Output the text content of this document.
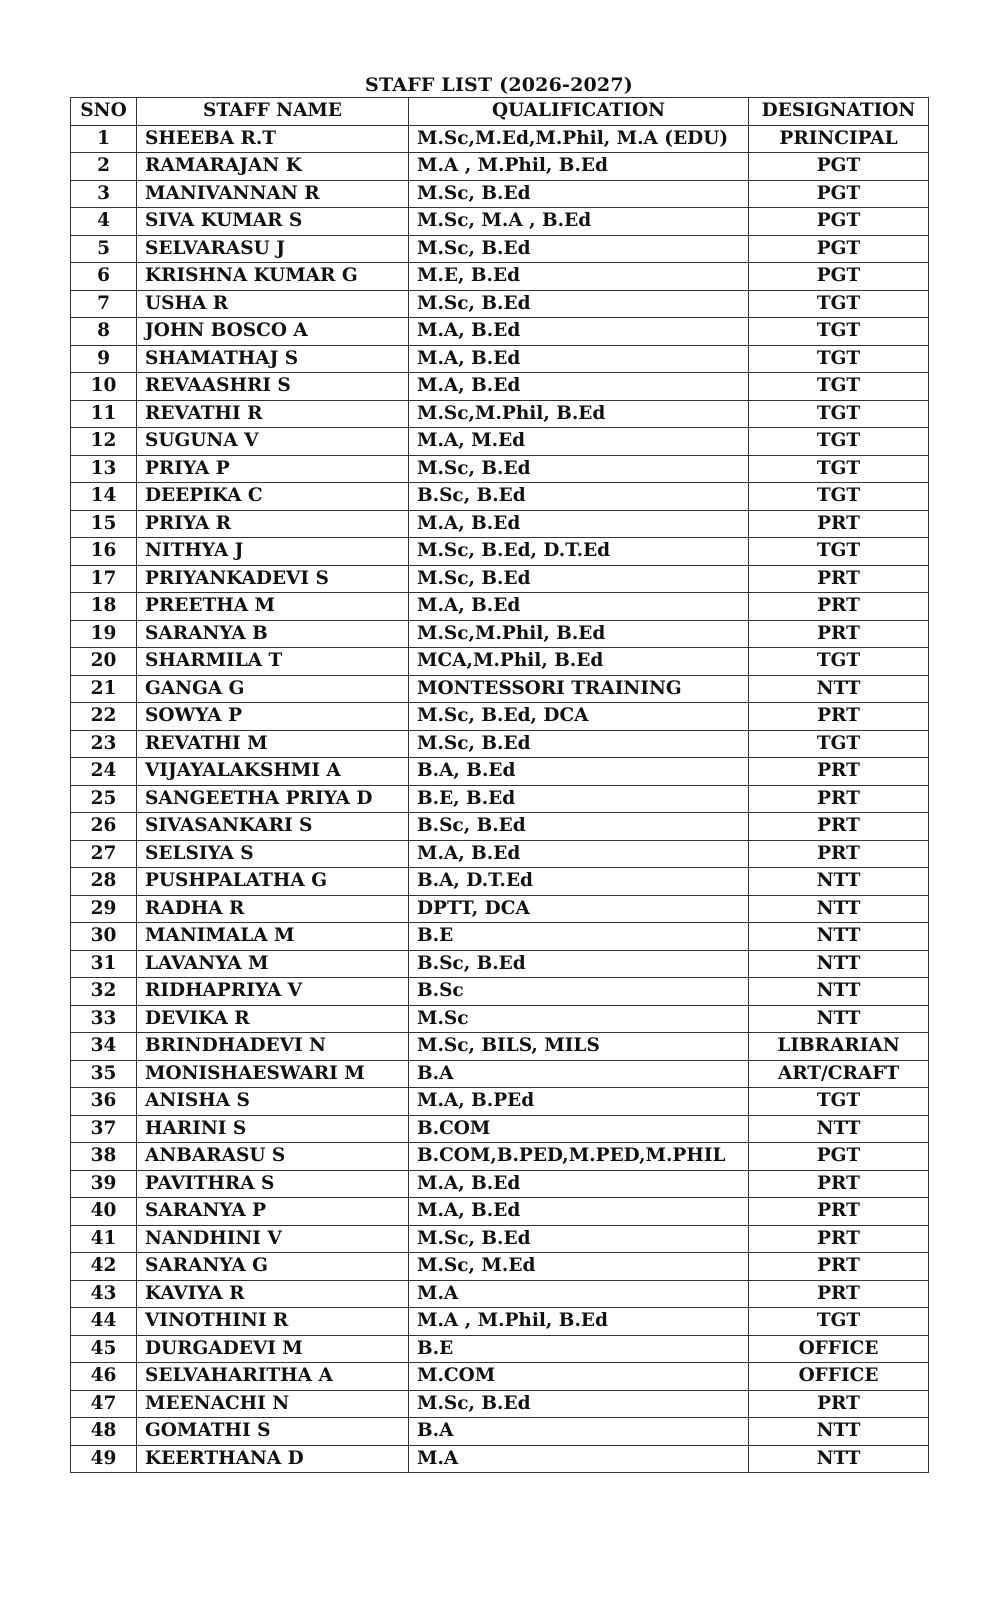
STAFF LIST (2026-2027)
SNO	STAFF NAME	QUALIFICATION	DESIGNATION
1	SHEEBA R.T	M.Sc,M.Ed,M.Phil, M.A (EDU)	PRINCIPAL
2	RAMARAJAN K	M.A , M.Phil, B.Ed	PGT
3	MANIVANNAN R	M.Sc, B.Ed	PGT
4	SIVA KUMAR S	M.Sc, M.A , B.Ed	PGT
5	SELVARASU J	M.Sc, B.Ed	PGT
6	KRISHNA KUMAR G	M.E, B.Ed	PGT
7	USHA R	M.Sc, B.Ed	TGT
8	JOHN BOSCO A	M.A, B.Ed	TGT
9	SHAMATHAJ S	M.A, B.Ed	TGT
10	REVAASHRI S	M.A, B.Ed	TGT
11	REVATHI R	M.Sc,M.Phil, B.Ed	TGT
12	SUGUNA V	M.A, M.Ed	TGT
13	PRIYA P	M.Sc, B.Ed	TGT
14	DEEPIKA C	B.Sc, B.Ed	TGT
15	PRIYA R	M.A, B.Ed	PRT
16	NITHYA J	M.Sc, B.Ed, D.T.Ed	TGT
17	PRIYANKADEVI S	M.Sc, B.Ed	PRT
18	PREETHA M	M.A, B.Ed	PRT
19	SARANYA B	M.Sc,M.Phil, B.Ed	PRT
20	SHARMILA T	MCA,M.Phil, B.Ed	TGT
21	GANGA G	MONTESSORI TRAINING	NTT
22	SOWYA P	M.Sc, B.Ed, DCA	PRT
23	REVATHI M	M.Sc, B.Ed	TGT
24	VIJAYALAKSHMI A	B.A, B.Ed	PRT
25	SANGEETHA PRIYA D	B.E, B.Ed	PRT
26	SIVASANKARI S	B.Sc, B.Ed	PRT
27	SELSIYA S	M.A, B.Ed	PRT
28	PUSHPALATHA G	B.A, D.T.Ed	NTT
29	RADHA R	DPTT, DCA	NTT
30	MANIMALA M	B.E	NTT
31	LAVANYA M	B.Sc, B.Ed	NTT
32	RIDHAPRIYA V	B.Sc	NTT
33	DEVIKA R	M.Sc	NTT
34	BRINDHADEVI N	M.Sc, BILS, MILS	LIBRARIAN
35	MONISHAESWARI M	B.A	ART/CRAFT
36	ANISHA S	M.A, B.PEd	TGT
37	HARINI S	B.COM	NTT
38	ANBARASU S	B.COM,B.PED,M.PED,M.PHIL	PGT
39	PAVITHRA S	M.A, B.Ed	PRT
40	SARANYA P	M.A, B.Ed	PRT
41	NANDHINI V	M.Sc, B.Ed	PRT
42	SARANYA G	M.Sc, M.Ed	PRT
43	KAVIYA R	M.A	PRT
44	VINOTHINI R	M.A , M.Phil, B.Ed	TGT
45	DURGADEVI M	B.E	OFFICE
46	SELVAHARITHA A	M.COM	OFFICE
47	MEENACHI N	M.Sc, B.Ed	PRT
48	GOMATHI S	B.A	NTT
49	KEERTHANA D	M.A	NTT
